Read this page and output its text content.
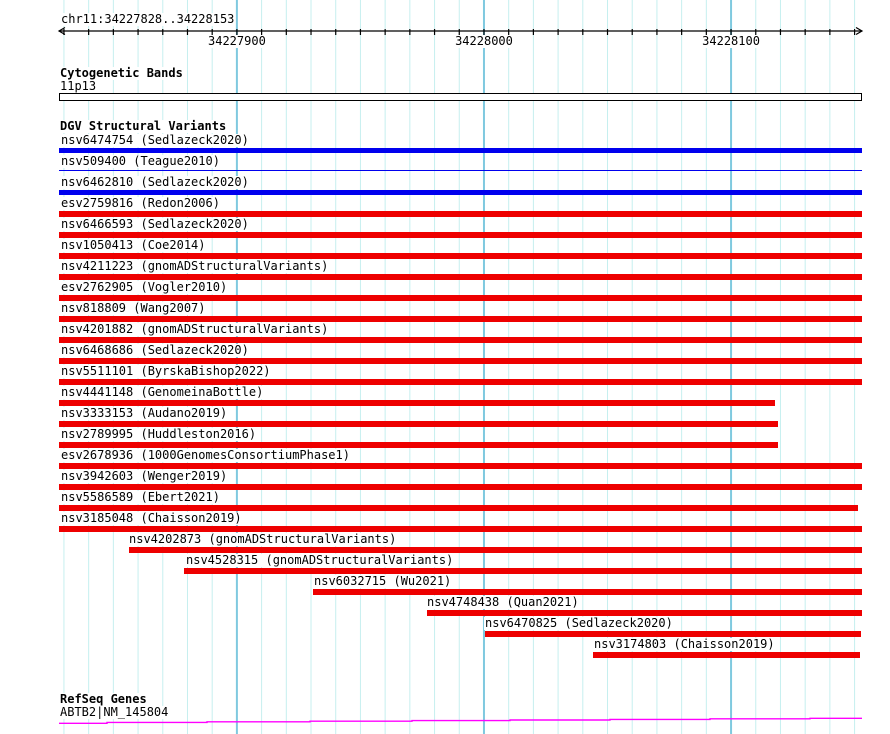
chr11:34227828..34228153
Cytogenetic Bands
11p13
DGV Structural Variants
nsv6474754 (Sedlazeck2020)
nsv509400 (Teague2010)
nsv6462810 (Sedlazeck2020)
esv2759816 (Redon2006)
nsv6466593 (Sedlazeck2020)
nsv1050413 (Coe2014)
nsv4211223 (gnomADStructuralVariants)
esv2762905 (Vogler2010)
nsv818809 (Wang2007)
nsv4201882 (gnomADStructuralVariants)
nsv6468686 (Sedlazeck2020)
nsv5511101 (ByrskaBishop2022)
nsv4441148 (GenomeinaBottle)
nsv3333153 (Audano2019)
nsv2789995 (Huddleston2016)
esv2678936 (1000GenomesConsortiumPhase1)
nsv3942603 (Wenger2019)
nsv5586589 (Ebert2021)
nsv3185048 (Chaisson2019)
nsv4202873 (gnomADStructuralVariants)
nsv4528315 (gnomADStructuralVariants)
nsv6032715 (Wu2021)
nsv4748438 (Quan2021)
nsv6470825 (Sedlazeck2020)
nsv3174803 (Chaisson2019)
RefSeq Genes
ABTB2|NM_145804
34227900	34228000	34228100
